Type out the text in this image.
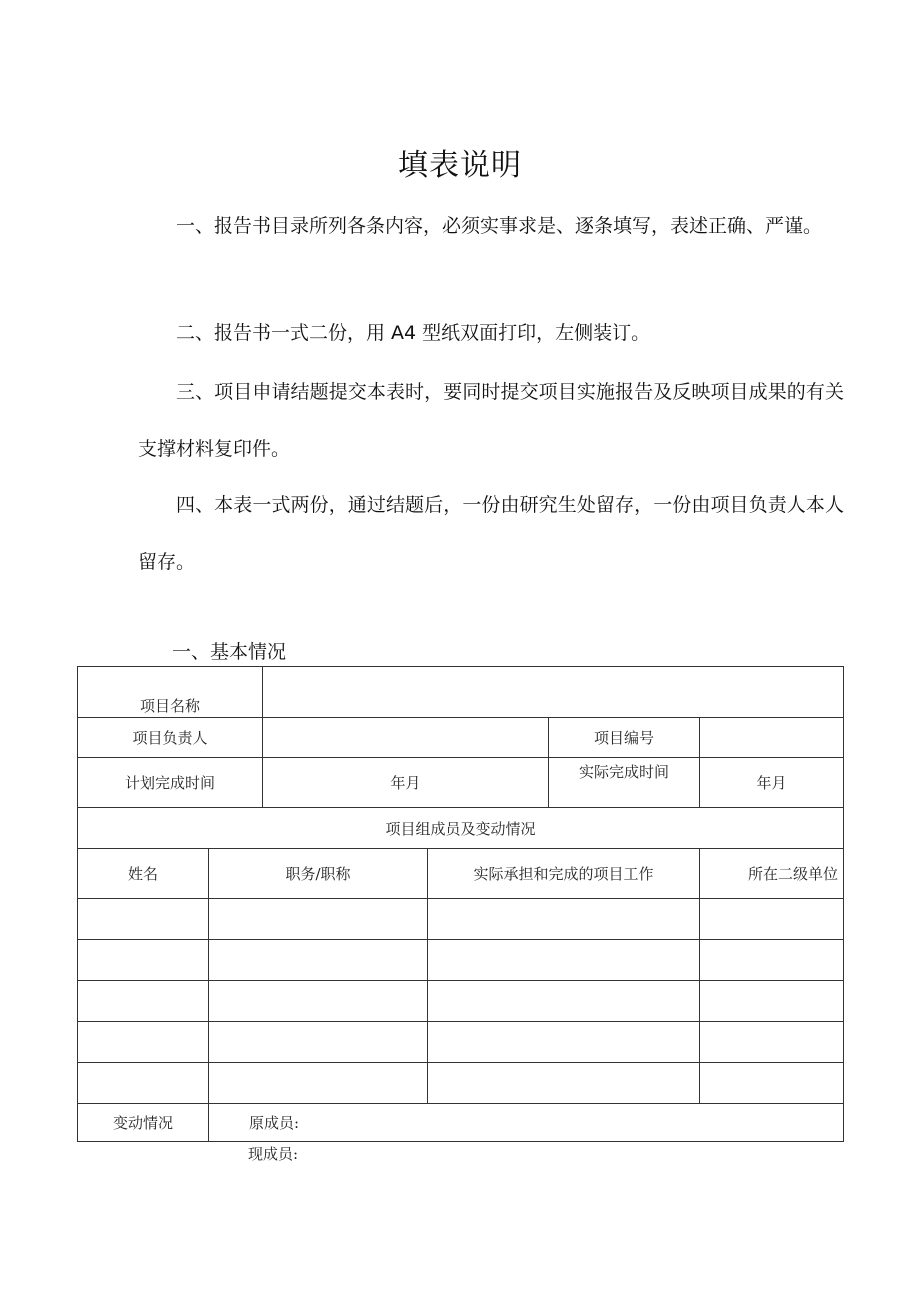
填表说明
一、报告书目录所列各条内容，必须实事求是、逐条填写，表述正确、严谨。
二、报告书一式二份，用 A4 型纸双面打印，左侧装订。
三、项目申请结题提交本表时，要同时提交项目实施报告及反映项目成果的有关支撑材料复印件。
四、本表一式两份，通过结题后，一份由研究生处留存，一份由项目负责人本人留存。
一、基本情况
项目名称					
项目负责人				项目编号	
计划完成时间		年月		实际完成时间	年月
项目组成员及变动情况					
姓名	职务/职称		实际承担和完成的项目工作		所在二级单位

变动情况	原成员:				
现成员:
